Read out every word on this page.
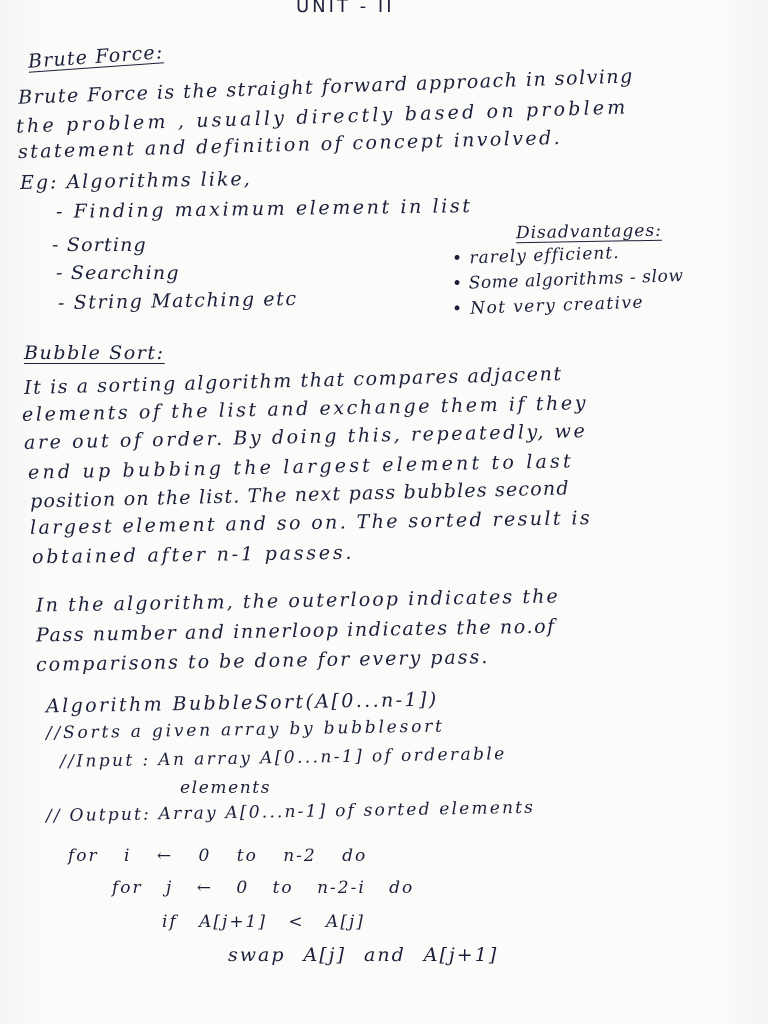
UNIT - II
Brute Force:
Brute Force is the straight forward approach in solving
the problem , usually directly based on problem
statement and definition of concept involved.
Eg: Algorithms like,
- Finding maximum element in list
- Sorting
- Searching
- String Matching etc
Disadvantages:
• rarely efficient.
• Some algorithms - slow
• Not very creative
Bubble Sort:
It is a sorting algorithm that compares adjacent
elements of the list and exchange them if they
are out of order. By doing this, repeatedly, we
end up bubbing the largest element to last
position on the list. The next pass bubbles second
largest element and so on. The sorted result is
obtained after n-1 passes.
In the algorithm, the outerloop indicates the
Pass number and innerloop indicates the no.of
comparisons to be done for every pass.
Algorithm BubbleSort(A[0...n-1])
//Sorts a given array by bubblesort
//Input : An array A[0...n-1] of orderable
elements
// Output: Array A[0...n-1] of sorted elements
for i ← 0 to n-2 do
for j ← 0 to n-2-i do
if A[j+1] < A[j]
swap A[j] and A[j+1]
